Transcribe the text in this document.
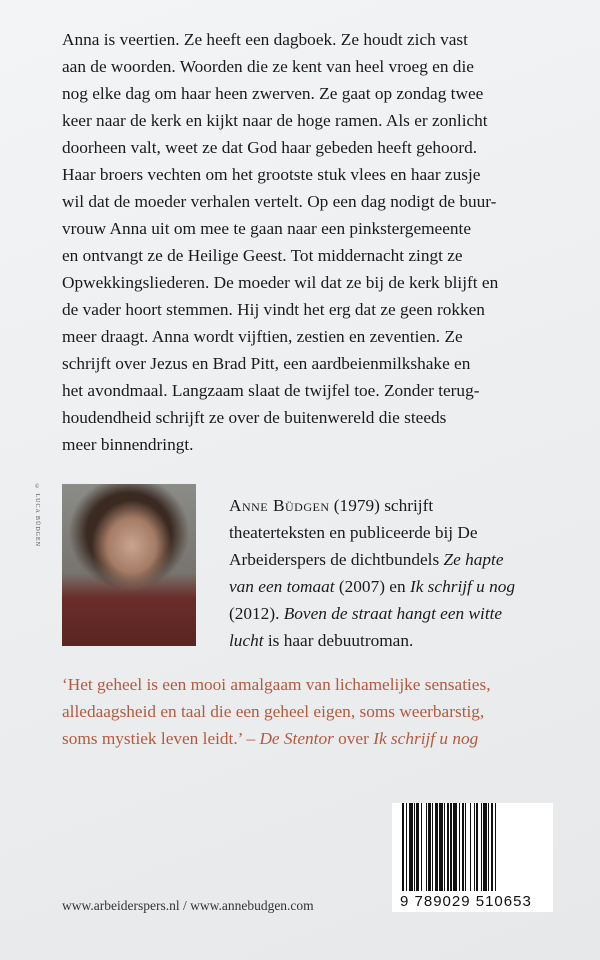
Anna is veertien. Ze heeft een dagboek. Ze houdt zich vast
aan de woorden. Woorden die ze kent van heel vroeg en die
nog elke dag om haar heen zwerven. Ze gaat op zondag twee
keer naar de kerk en kijkt naar de hoge ramen. Als er zonlicht
doorheen valt, weet ze dat God haar gebeden heeft gehoord.
Haar broers vechten om het grootste stuk vlees en haar zusje
wil dat de moeder verhalen vertelt. Op een dag nodigt de buur-
vrouw Anna uit om mee te gaan naar een pinkstergemeente
en ontvangt ze de Heilige Geest. Tot middernacht zingt ze
Opwekkingsliederen. De moeder wil dat ze bij de kerk blijft en
de vader hoort stemmen. Hij vindt het erg dat ze geen rokken
meer draagt. Anna wordt vijftien, zestien en zeventien. Ze
schrijft over Jezus en Brad Pitt, een aardbeienmilkshake en
het avondmaal. Langzaam slaat de twijfel toe. Zonder terug-
houdendheid schrijft ze over de buitenwereld die steeds
meer binnendringt.
© LUCA BÜDGEN	Anne Büdgen (1979) schrijft
theaterteksten en publiceerde bij De
Arbeiderspers de dichtbundels Ze hapte
van een tomaat (2007) en Ik schrijf u nog
(2012). Boven de straat hangt een witte
lucht is haar debuutroman.
‘Het geheel is een mooi amalgaam van lichamelijke sensaties,
alledaagsheid en taal die een geheel eigen, soms weerbarstig,
soms mystiek leven leidt.’ – De Stentor over Ik schrijf u nog
9 789029 510653
www.arbeiderspers.nl / www.annebudgen.com
